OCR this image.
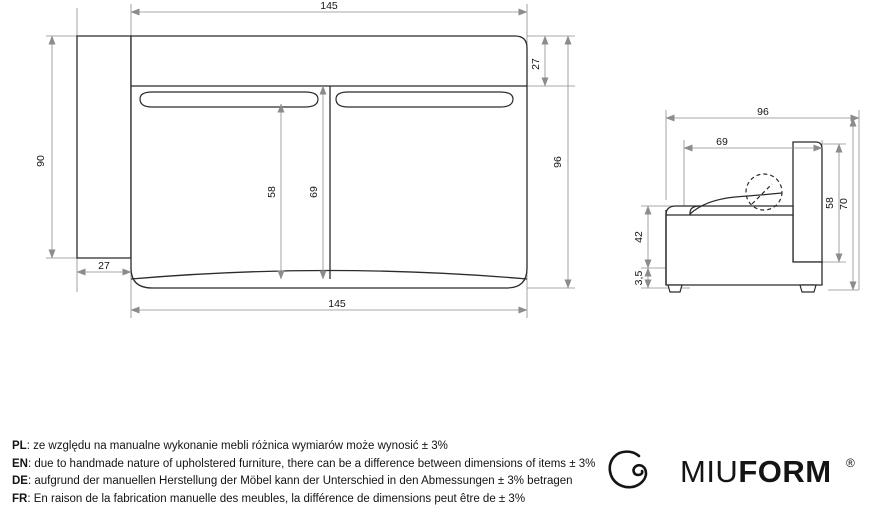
145
145
90
27
27
96
58	69
96
69
70
58
42
3,5
PL: ze względu na manualne wykonanie mebli różnica wymiarów może wynosić ± 3%
EN: due to handmade nature of upholstered furniture, there can be a difference between dimensions of items ± 3%
DE: aufgrund der manuellen Herstellung der Möbel kann der Unterschied in den Abmessungen ± 3% betragen
FR: En raison de la fabrication manuelle des meubles, la différence de dimensions peut être de ± 3%
MIUFORM ®
